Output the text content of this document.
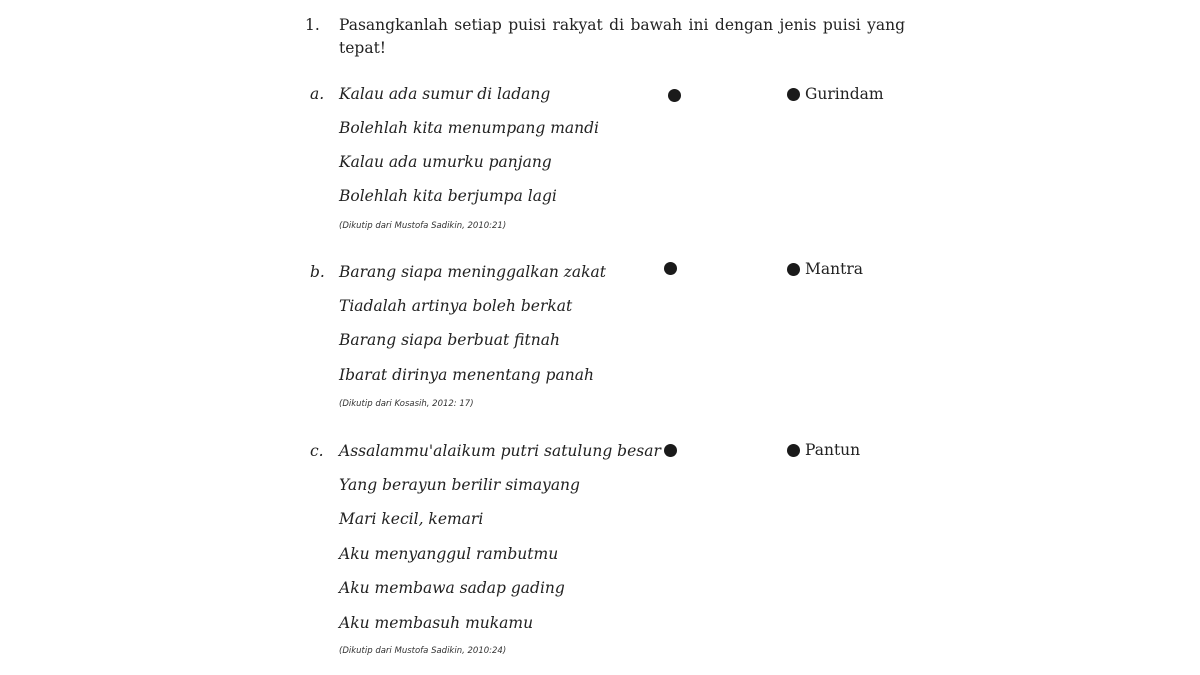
1. Pasangkanlah setiap puisi rakyat di bawah ini dengan jenis puisi yang tepat!
a. Kalau ada sumur di ladang
Bolehlah kita menumpang mandi
Kalau ada umurku panjang
Bolehlah kita berjumpa lagi
(Dikutip dari Mustofa Sadikin, 2010:21)
b. Barang siapa meninggalkan zakat
Tiadalah artinya boleh berkat
Barang siapa berbuat fitnah
Ibarat dirinya menentang panah
(Dikutip dari Kosasih, 2012: 17)
c. Assalammu'alaikum putri satulung besar
Yang berayun berilir simayang
Mari kecil, kemari
Aku menyanggul rambutmu
Aku membawa sadap gading
Aku membasuh mukamu
(Dikutip dari Mustofa Sadikin, 2010:24)
Gurindam
Mantra
Pantun
